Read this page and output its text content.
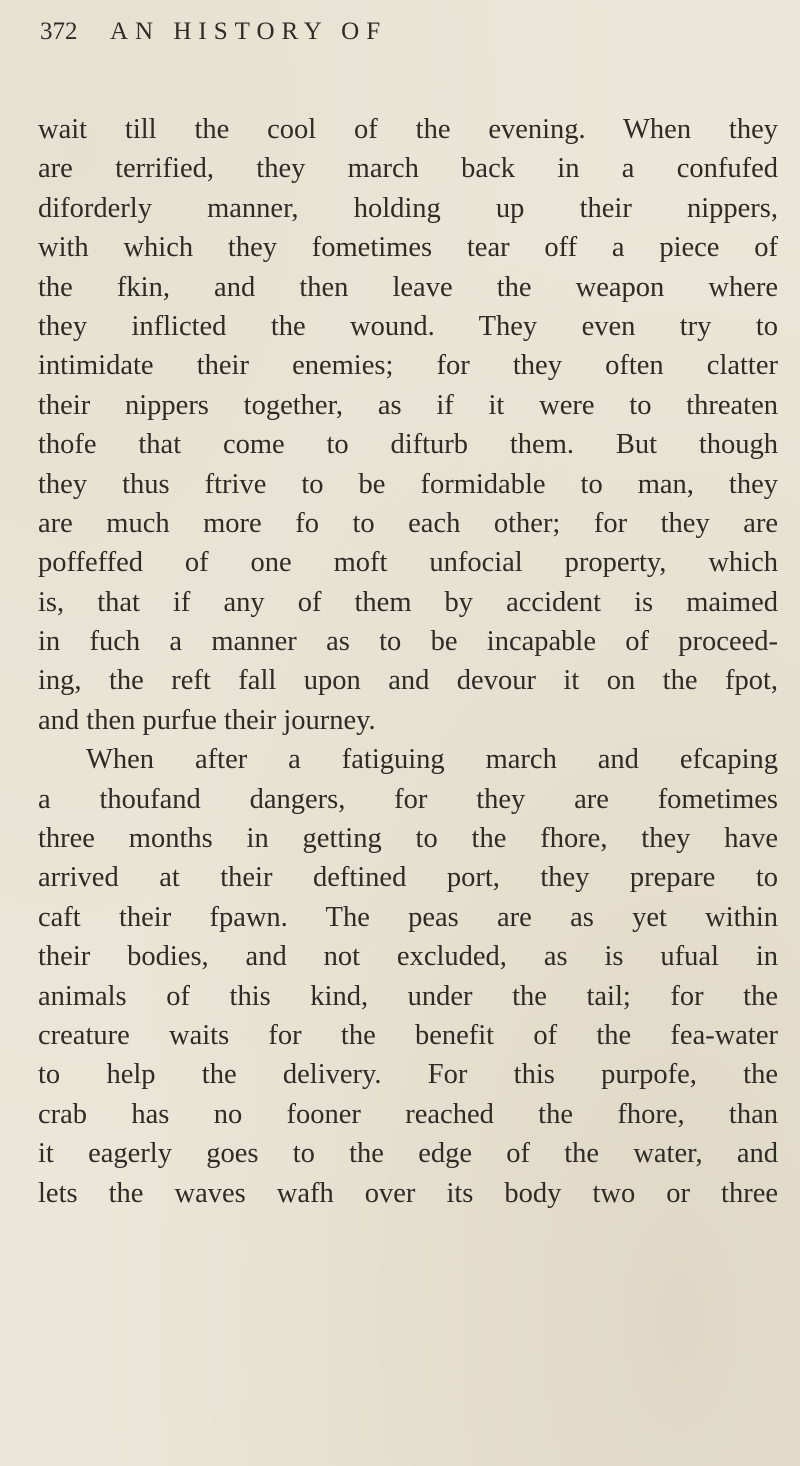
372 AN HISTORY OF
wait till the cool of the evening. When they
are terrified, they march back in a confufed
diforderly manner, holding up their nippers,
with which they fometimes tear off a piece of
the fkin, and then leave the weapon where
they inflicted the wound. They even try to
intimidate their enemies; for they often clatter
their nippers together, as if it were to threaten
thofe that come to difturb them. But though
they thus ftrive to be formidable to man, they
are much more fo to each other; for they are
poffeffed of one moft unfocial property, which
is, that if any of them by accident is maimed
in fuch a manner as to be incapable of proceed-
ing, the reft fall upon and devour it on the fpot,
and then purfue their journey.
When after a fatiguing march and efcaping
a thoufand dangers, for they are fometimes
three months in getting to the fhore, they have
arrived at their deftined port, they prepare to
caft their fpawn. The peas are as yet within
their bodies, and not excluded, as is ufual in
animals of this kind, under the tail; for the
creature waits for the benefit of the fea-water
to help the delivery. For this purpofe, the
crab has no fooner reached the fhore, than
it eagerly goes to the edge of the water, and
lets the waves wafh over its body two or three
